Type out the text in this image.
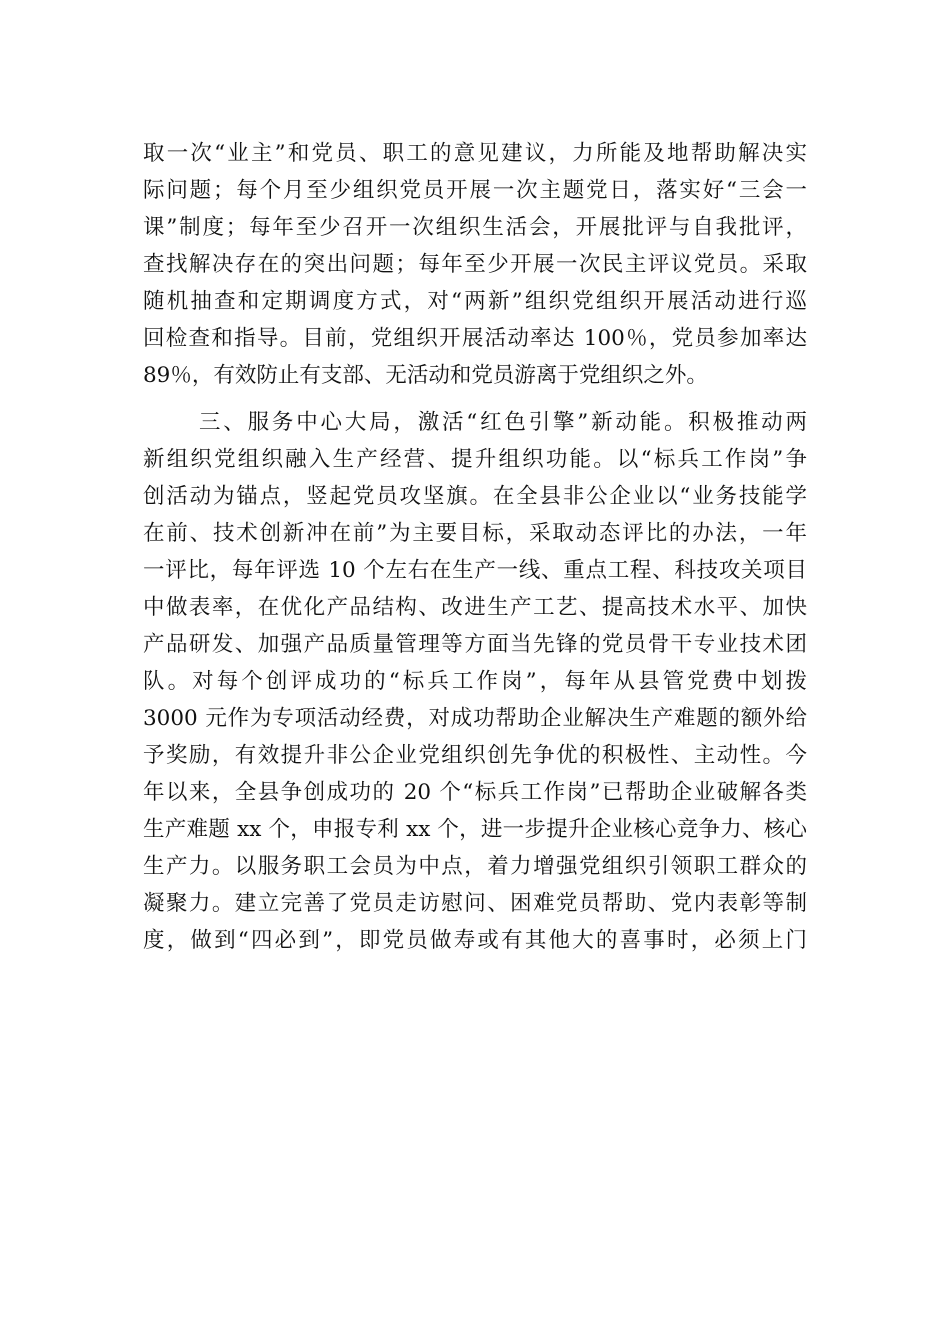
取一次“业主”和党员、职工的意见建议，力所能及地帮助解决实
际问题；每个月至少组织党员开展一次主题党日，落实好“三会一
课”制度；每年至少召开一次组织生活会，开展批评与自我批评，
查找解决存在的突出问题；每年至少开展一次民主评议党员。采取
随机抽查和定期调度方式，对“两新”组织党组织开展活动进行巡
回检查和指导。目前，党组织开展活动率达 100％，党员参加率达
89％，有效防止有支部、无活动和党员游离于党组织之外。
三、服务中心大局，激活“红色引擎”新动能。积极推动两
新组织党组织融入生产经营、提升组织功能。以“标兵工作岗”争
创活动为锚点，竖起党员攻坚旗。在全县非公企业以“业务技能学
在前、技术创新冲在前”为主要目标，采取动态评比的办法，一年
一评比，每年评选 10 个左右在生产一线、重点工程、科技攻关项目
中做表率，在优化产品结构、改进生产工艺、提高技术水平、加快
产品研发、加强产品质量管理等方面当先锋的党员骨干专业技术团
队。对每个创评成功的“标兵工作岗”，每年从县管党费中划拨
3000 元作为专项活动经费，对成功帮助企业解决生产难题的额外给
予奖励，有效提升非公企业党组织创先争优的积极性、主动性。今
年以来，全县争创成功的 20 个“标兵工作岗”已帮助企业破解各类
生产难题 xx 个，申报专利 xx 个，进一步提升企业核心竞争力、核心
生产力。以服务职工会员为中点，着力增强党组织引领职工群众的
凝聚力。建立完善了党员走访慰问、困难党员帮助、党内表彰等制
度，做到“四必到”，即党员做寿或有其他大的喜事时，必须上门
